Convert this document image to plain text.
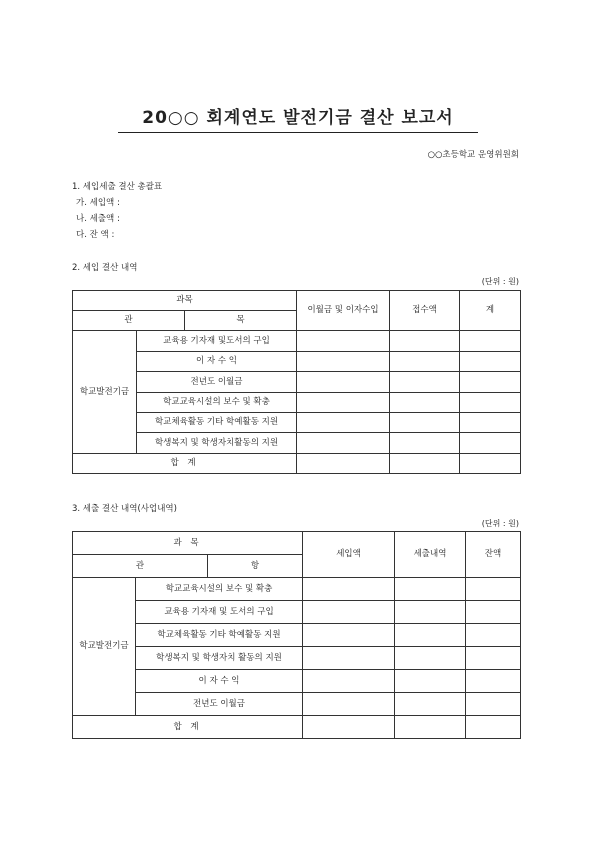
20○○ 회계연도 발전기금 결산 보고서
○○초등학교 운영위원회
1. 세입세출 결산 총괄표
가. 세입액 :
나. 세출액 :
다. 잔 액 :
2. 세입 결산 내역
(단위 : 원)
과목			이월금 및 이자수입	접수액	계
관		목			
학교발전기금	교육용 기자재 및도서의 구입				
	이 자 수 익				
	전년도 이월금				
	학교교육시설의 보수 및 확충				
	학교체육활동 기타 학예활동 지원				
	학생복지 및 학생자치활동의 지원				
합 계					
3. 세출 결산 내역(사업내역)
(단위 : 원)
과 목			세입액	세출내역	잔액
관		항			
학교발전기금	학교교육시설의 보수 및 확충				
	교육용 기자재 및 도서의 구입				
	학교체육활동 기타 학예활동 지원				
	학생복지 및 학생자치 활동의 지원				
	이 자 수 익				
	전년도 이월금				
합 계					
